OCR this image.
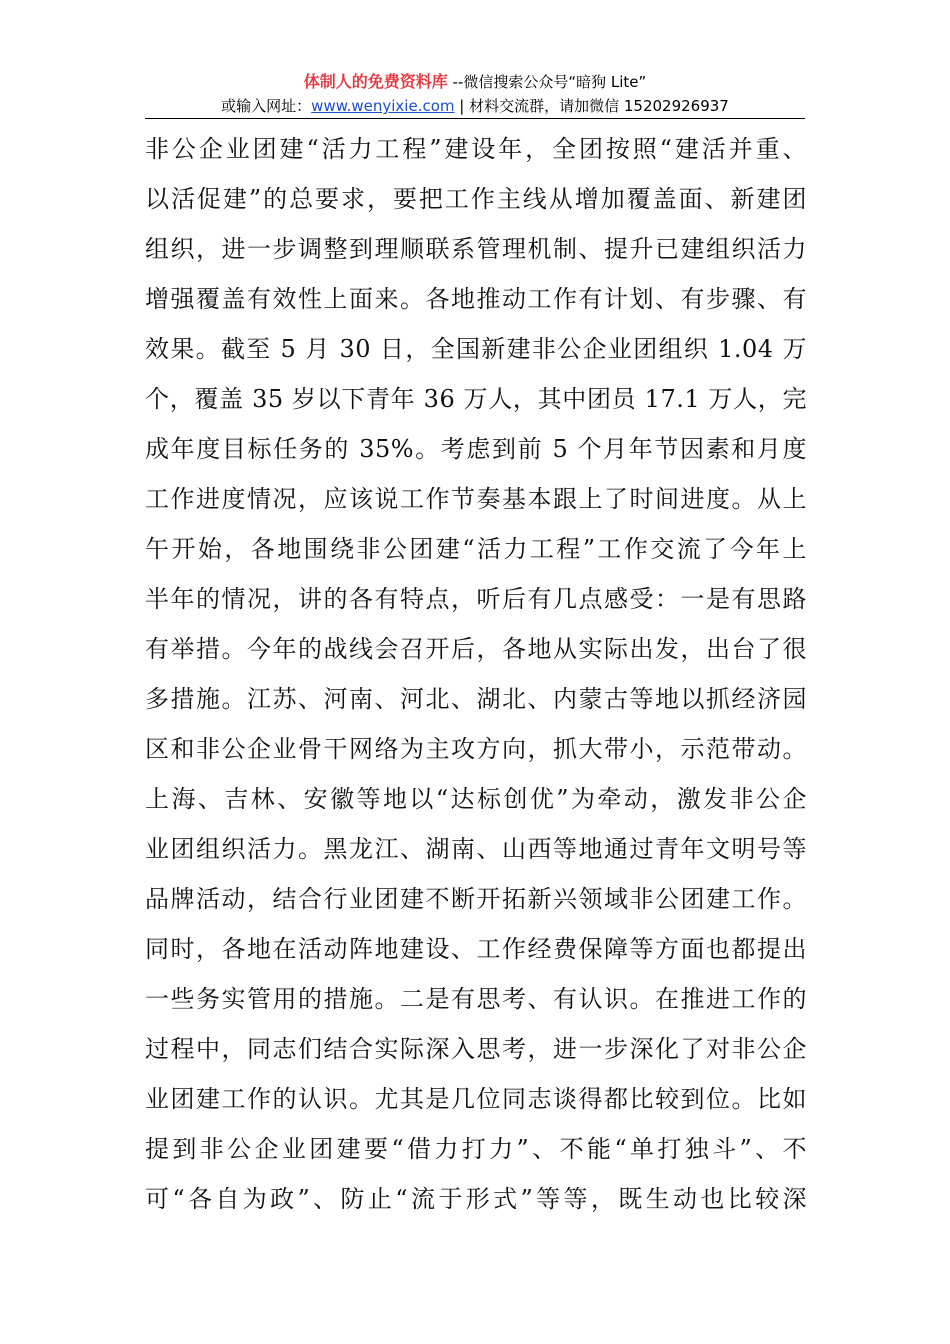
体制人的免费资料库 --微信搜索公众号“暗狗 Lite”
或输入网址：www.wenyixie.com | 材料交流群，请加微信 15202926937
非公企业团建“活力工程”建设年，全团按照“建活并重、
以活促建”的总要求，要把工作主线从增加覆盖面、新建团
组织，进一步调整到理顺联系管理机制、提升已建组织活力
增强覆盖有效性上面来。各地推动工作有计划、有步骤、有
效果。截至 5 月 30 日，全国新建非公企业团组织 1.04 万
个，覆盖 35 岁以下青年 36 万人，其中团员 17.1 万人，完
成年度目标任务的 35%。考虑到前 5 个月年节因素和月度
工作进度情况，应该说工作节奏基本跟上了时间进度。从上
午开始，各地围绕非公团建“活力工程”工作交流了今年上
半年的情况，讲的各有特点，听后有几点感受：一是有思路
有举措。今年的战线会召开后，各地从实际出发，出台了很
多措施。江苏、河南、河北、湖北、内蒙古等地以抓经济园
区和非公企业骨干网络为主攻方向，抓大带小，示范带动。
上海、吉林、安徽等地以“达标创优”为牵动，激发非公企
业团组织活力。黑龙江、湖南、山西等地通过青年文明号等
品牌活动，结合行业团建不断开拓新兴领域非公团建工作。
同时，各地在活动阵地建设、工作经费保障等方面也都提出
一些务实管用的措施。二是有思考、有认识。在推进工作的
过程中，同志们结合实际深入思考，进一步深化了对非公企
业团建工作的认识。尤其是几位同志谈得都比较到位。比如
提到非公企业团建要“借力打力”、不能“单打独斗”、不
可“各自为政”、防止“流于形式”等等，既生动也比较深
